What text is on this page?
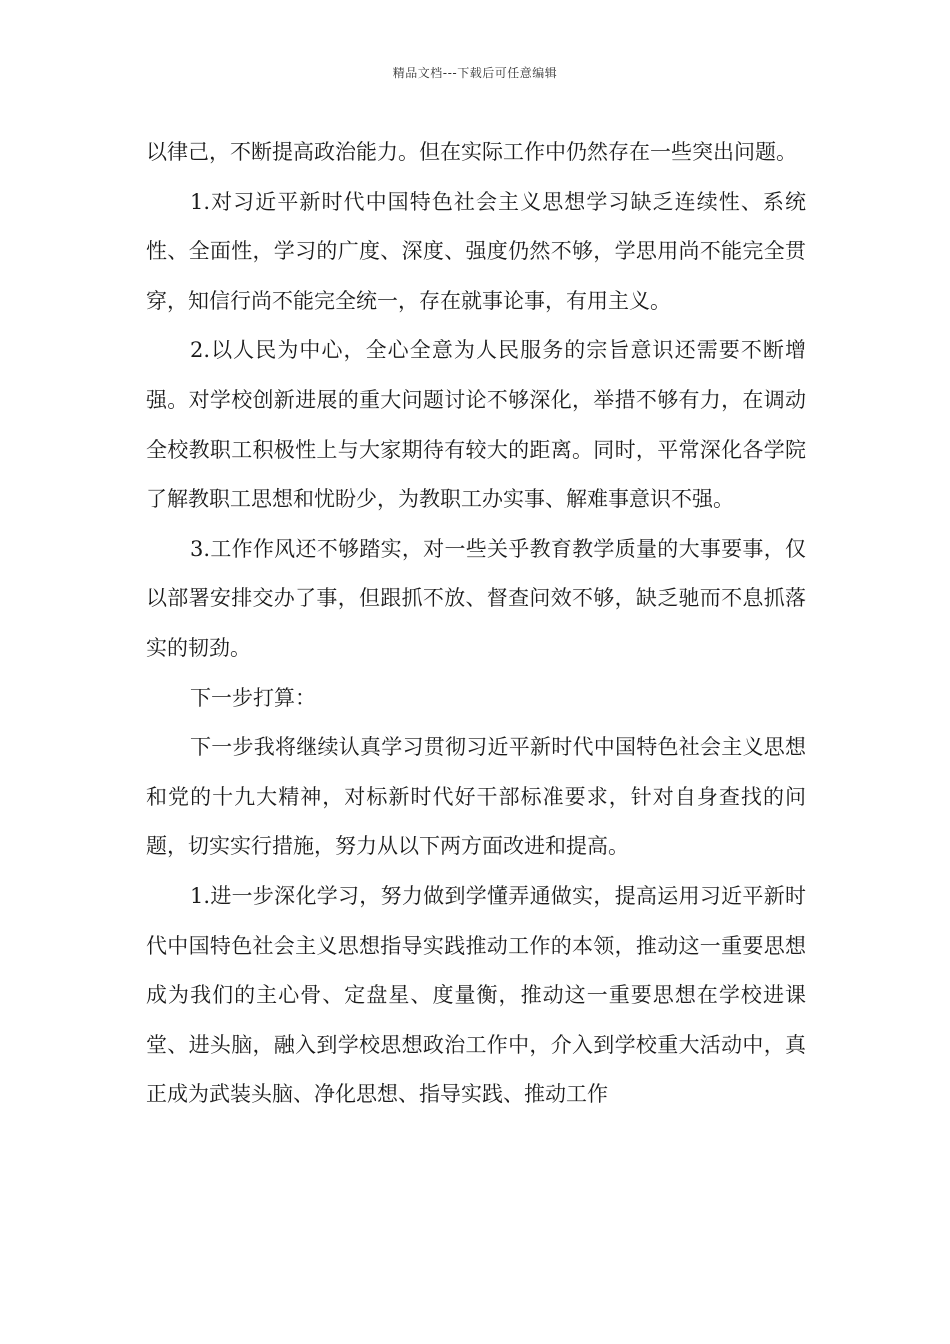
精品文档---下载后可任意编辑

以律己，不断提高政治能力。但在实际工作中仍然存在一些突出问题。

1.对习近平新时代中国特色社会主义思想学习缺乏连续性、系统性、全面性，学习的广度、深度、强度仍然不够，学思用尚不能完全贯穿，知信行尚不能完全统一，存在就事论事，有用主义。

2.以人民为中心，全心全意为人民服务的宗旨意识还需要不断增强。对学校创新进展的重大问题讨论不够深化，举措不够有力，在调动全校教职工积极性上与大家期待有较大的距离。同时，平常深化各学院了解教职工思想和忧盼少，为教职工办实事、解难事意识不强。

3.工作作风还不够踏实，对一些关乎教育教学质量的大事要事，仅以部署安排交办了事，但跟抓不放、督查问效不够，缺乏驰而不息抓落实的韧劲。

下一步打算：

下一步我将继续认真学习贯彻习近平新时代中国特色社会主义思想和党的十九大精神，对标新时代好干部标准要求，针对自身查找的问题，切实实行措施，努力从以下两方面改进和提高。

1.进一步深化学习，努力做到学懂弄通做实，提高运用习近平新时代中国特色社会主义思想指导实践推动工作的本领，推动这一重要思想成为我们的主心骨、定盘星、度量衡，推动这一重要思想在学校进课堂、进头脑，融入到学校思想政治工作中，介入到学校重大活动中，真正成为武装头脑、净化思想、指导实践、推动工作
